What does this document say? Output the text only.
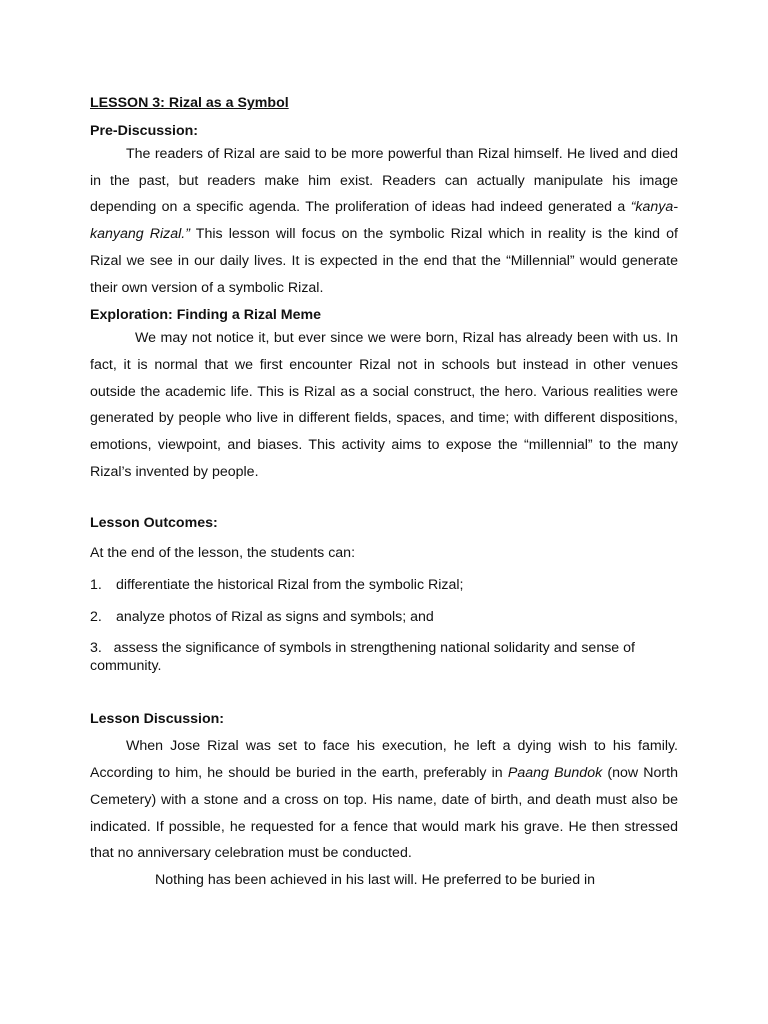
LESSON 3: Rizal as a Symbol

Pre-Discussion:

The readers of Rizal are said to be more powerful than Rizal himself. He lived and died in the past, but readers make him exist. Readers can actually manipulate his image depending on a specific agenda. The proliferation of ideas had indeed generated a “kanya-kanyang Rizal.” This lesson will focus on the symbolic Rizal which in reality is the kind of Rizal we see in our daily lives. It is expected in the end that the “Millennial” would generate their own version of a symbolic Rizal.

Exploration: Finding a Rizal Meme

We may not notice it, but ever since we were born, Rizal has already been with us. In fact, it is normal that we first encounter Rizal not in schools but instead in other venues outside the academic life. This is Rizal as a social construct, the hero. Various realities were generated by people who live in different fields, spaces, and time; with different dispositions, emotions, viewpoint, and biases. This activity aims to expose the “millennial” to the many Rizal’s invented by people.

Lesson Outcomes:

At the end of the lesson, the students can:

1. differentiate the historical Rizal from the symbolic Rizal;
2. analyze photos of Rizal as signs and symbols; and
3. assess the significance of symbols in strengthening national solidarity and sense of community.

Lesson Discussion:

When Jose Rizal was set to face his execution, he left a dying wish to his family. According to him, he should be buried in the earth, preferably in Paang Bundok (now North Cemetery) with a stone and a cross on top. His name, date of birth, and death must also be indicated. If possible, he requested for a fence that would mark his grave. He then stressed that no anniversary celebration must be conducted.

Nothing has been achieved in his last will. He preferred to be buried in
